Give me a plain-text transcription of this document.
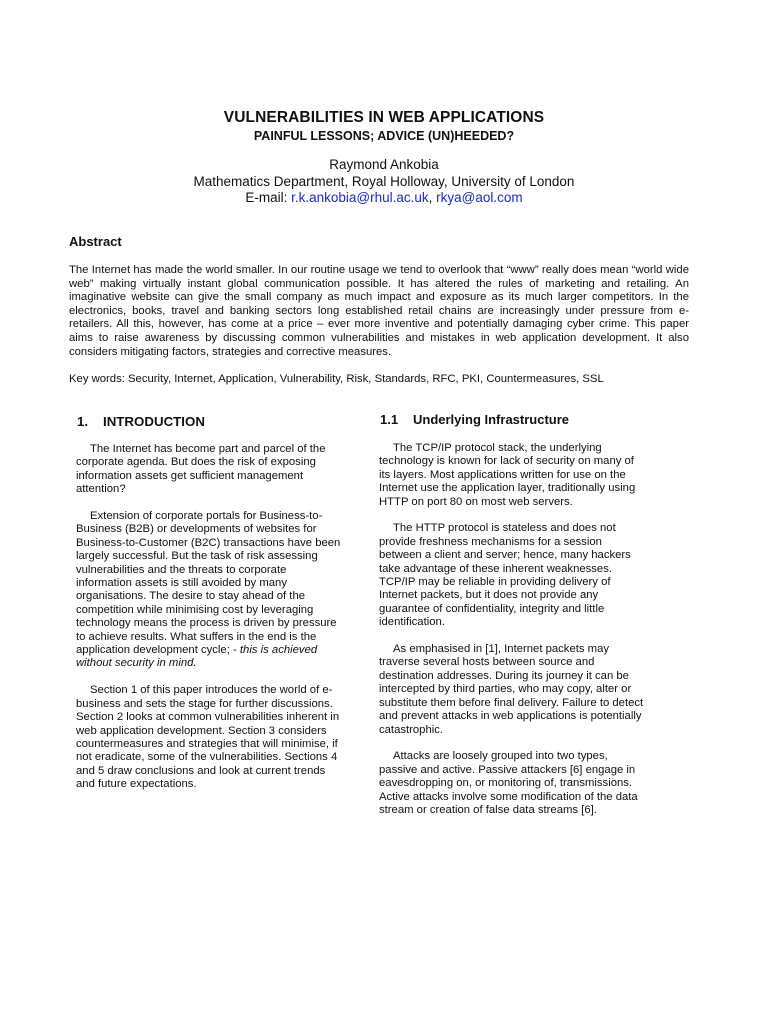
VULNERABILITIES IN WEB APPLICATIONS
PAINFUL LESSONS; ADVICE (UN)HEEDED?
Raymond Ankobia
Mathematics Department, Royal Holloway, University of London
E-mail: r.k.ankobia@rhul.ac.uk, rkya@aol.com
Abstract
The Internet has made the world smaller. In our routine usage we tend to overlook that “www” really does mean “world wide web” making virtually instant global communication possible. It has altered the rules of marketing and retailing. An imaginative website can give the small company as much impact and exposure as its much larger competitors. In the electronics, books, travel and banking sectors long established retail chains are increasingly under pressure from e-retailers. All this, however, has come at a price – ever more inventive and potentially damaging cyber crime. This paper aims to raise awareness by discussing common vulnerabilities and mistakes in web application development. It also considers mitigating factors, strategies and corrective measures.
Key words: Security, Internet, Application, Vulnerability, Risk, Standards, RFC, PKI, Countermeasures, SSL
1. INTRODUCTION

The Internet has become part and parcel of the corporate agenda. But does the risk of exposing information assets get sufficient management attention?

Extension of corporate portals for Business-to-Business (B2B) or developments of websites for Business-to-Customer (B2C) transactions have been largely successful. But the task of risk assessing vulnerabilities and the threats to corporate information assets is still avoided by many organisations. The desire to stay ahead of the competition while minimising cost by leveraging technology means the process is driven by pressure to achieve results. What suffers in the end is the application development cycle; - this is achieved without security in mind.

Section 1 of this paper introduces the world of e-business and sets the stage for further discussions. Section 2 looks at common vulnerabilities inherent in web application development. Section 3 considers countermeasures and strategies that will minimise, if not eradicate, some of the vulnerabilities. Sections 4 and 5 draw conclusions and look at current trends and future expectations.

1.1 Underlying Infrastructure

The TCP/IP protocol stack, the underlying technology is known for lack of security on many of its layers. Most applications written for use on the Internet use the application layer, traditionally using HTTP on port 80 on most web servers.

The HTTP protocol is stateless and does not provide freshness mechanisms for a session between a client and server; hence, many hackers take advantage of these inherent weaknesses. TCP/IP may be reliable in providing delivery of Internet packets, but it does not provide any guarantee of confidentiality, integrity and little identification.

As emphasised in [1], Internet packets may traverse several hosts between source and destination addresses. During its journey it can be intercepted by third parties, who may copy, alter or substitute them before final delivery. Failure to detect and prevent attacks in web applications is potentially catastrophic.

Attacks are loosely grouped into two types, passive and active. Passive attackers [6] engage in eavesdropping on, or monitoring of, transmissions. Active attacks involve some modification of the data stream or creation of false data streams [6].
